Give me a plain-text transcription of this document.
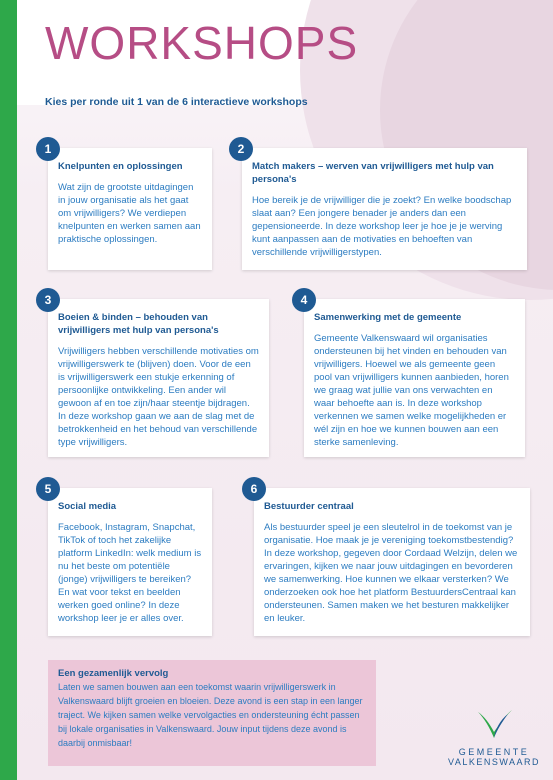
WORKSHOPS
Kies per ronde uit 1 van de 6 interactieve workshops
Knelpunten en oplossingen
Wat zijn de grootste uitdagingen in jouw organisatie als het gaat om vrijwilligers? We verdiepen knelpunten en werken samen aan praktische oplossingen.
1
Match makers – werven van vrijwilligers met hulp van persona's
Hoe bereik je de vrijwilliger die je zoekt? En welke boodschap slaat aan? Een jongere benader je anders dan een gepensioneerde. In deze workshop leer je hoe je je werving kunt aanpassen aan de motivaties en behoeften van verschillende vrijwilligerstypen.
2
Boeien & binden – behouden van vrijwilligers met hulp van persona's
Vrijwilligers hebben verschillende motivaties om vrijwilligerswerk te (blijven) doen. Voor de een is vrijwilligerswerk een stukje erkenning of persoonlijke ontwikkeling. Een ander wil gewoon af en toe zijn/haar steentje bijdragen. In deze workshop gaan we aan de slag met de betrokkenheid en het behoud van verschillende type vrijwilligers.
3
Samenwerking met de gemeente
Gemeente Valkenswaard wil organisaties ondersteunen bij het vinden en behouden van vrijwilligers. Hoewel we als gemeente geen pool van vrijwilligers kunnen aanbieden, horen we graag wat jullie van ons verwachten en waar behoefte aan is. In deze workshop verkennen we samen welke mogelijkheden er wél zijn en hoe we kunnen bouwen aan een sterke samenleving.
4
Social media
Facebook, Instagram, Snapchat, TikTok of toch het zakelijke platform LinkedIn: welk medium is nu het beste om potentiële (jonge) vrijwilligers te bereiken? En wat voor tekst en beelden werken goed online? In deze workshop leer je er alles over.
5
Bestuurder centraal
Als bestuurder speel je een sleutelrol in de toekomst van je organisatie. Hoe maak je je vereniging toekomstbestendig? In deze workshop, gegeven door Cordaad Welzijn, delen we ervaringen, kijken we naar jouw uitdagingen en bevorderen we samenwerking. Hoe kunnen we elkaar versterken? We onderzoeken ook hoe het platform BestuurdersCentraal kan ondersteunen. Samen maken we het besturen makkelijker en leuker.
6
Een gezamenlijk vervolg
Laten we samen bouwen aan een toekomst waarin vrijwilligerswerk in Valkenswaard blijft groeien en bloeien. Deze avond is een stap in een langer traject. We kijken samen welke vervolgacties en ondersteuning écht passen bij lokale organisaties in Valkenswaard. Jouw input tijdens deze avond is daarbij onmisbaar!
GEMEENTE
VALKENSWAARD
